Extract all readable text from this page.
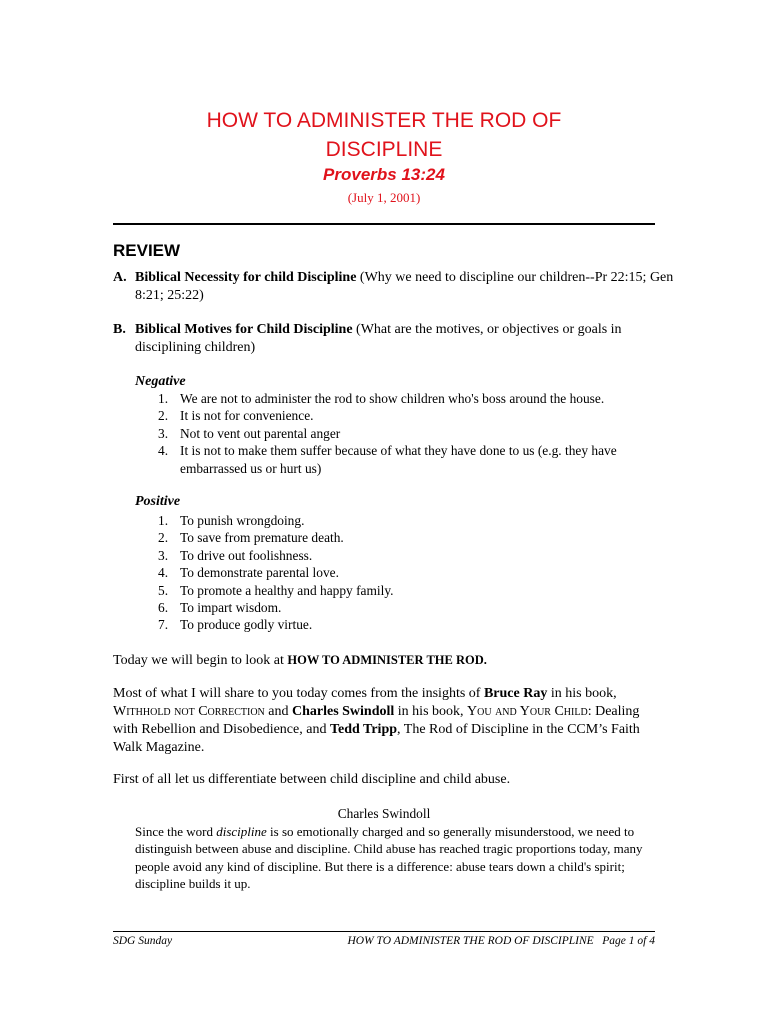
HOW TO ADMINISTER THE ROD OF
DISCIPLINE
Proverbs 13:24
(July 1, 2001)
REVIEW
A. Biblical Necessity for child Discipline (Why we need to discipline our children--Pr 22:15; Gen 8:21; 25:22)
B. Biblical Motives for Child Discipline (What are the motives, or objectives or goals in disciplining children)
Negative
1. We are not to administer the rod to show children who's boss around the house.
2. It is not for convenience.
3. Not to vent out parental anger
4. It is not to make them suffer because of what they have done to us (e.g. they have embarrassed us or hurt us)
Positive
1. To punish wrongdoing.
2. To save from premature death.
3. To drive out foolishness.
4. To demonstrate parental love.
5. To promote a healthy and happy family.
6. To impart wisdom.
7. To produce godly virtue.
Today we will begin to look at HOW TO ADMINISTER THE ROD.
Most of what I will share to you today comes from the insights of Bruce Ray in his book, Withhold not Correction and Charles Swindoll in his book, You and Your Child: Dealing with Rebellion and Disobedience, and Tedd Tripp, The Rod of Discipline in the CCM’s Faith Walk Magazine.
First of all let us differentiate between child discipline and child abuse.
Charles Swindoll
Since the word discipline is so emotionally charged and so generally misunderstood, we need to distinguish between abuse and discipline. Child abuse has reached tragic proportions today, many people avoid any kind of discipline. But there is a difference: abuse tears down a child's spirit; discipline builds it up.
SDG Sunday	HOW TO ADMINISTER THE ROD OF DISCIPLINE   Page 1 of 4
